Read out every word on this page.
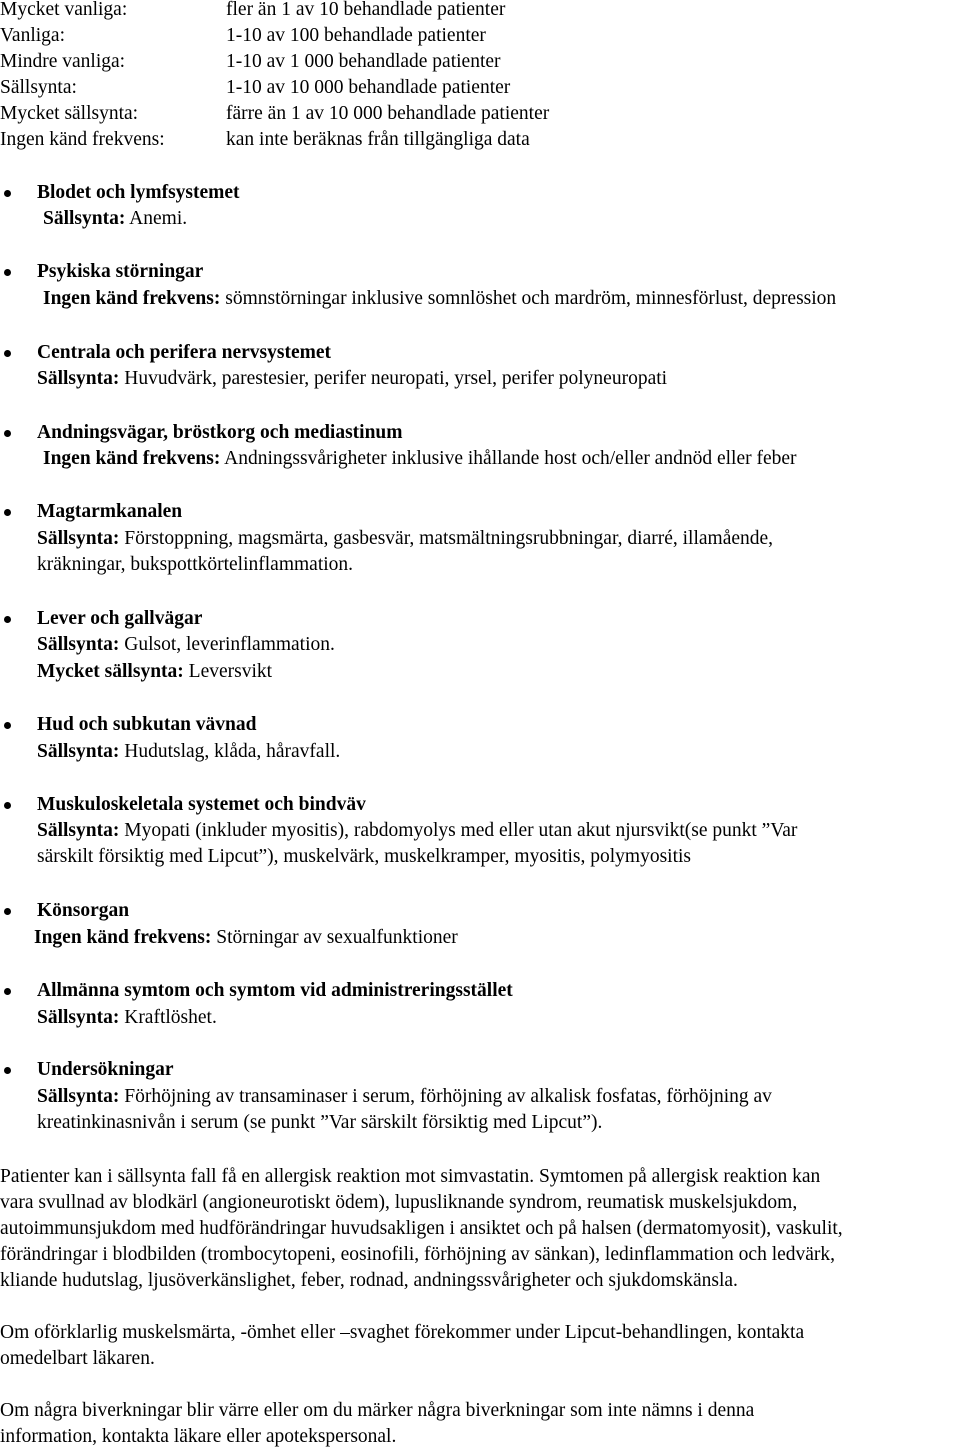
Mycket vanliga:	fler än 1 av 10 behandlade patienter
Vanliga:	1-10 av 100 behandlade patienter
Mindre vanliga:	1-10 av 1 000 behandlade patienter
Sällsynta:	1-10 av 10 000 behandlade patienter
Mycket sällsynta:	färre än 1 av 10 000 behandlade patienter
Ingen känd frekvens:	kan inte beräknas från tillgängliga data
Blodet och lymfsystemet
Sällsynta: Anemi.
Psykiska störningar
Ingen känd frekvens: sömnstörningar inklusive somnlöshet och mardröm, minnesförlust, depression
Centrala och perifera nervsystemet
Sällsynta: Huvudvärk, parestesier, perifer neuropati, yrsel, perifer polyneuropati
Andningsvägar, bröstkorg och mediastinum
Ingen känd frekvens: Andningssvårigheter inklusive ihållande host och/eller andnöd eller feber
Magtarmkanalen
Sällsynta: Förstoppning, magsmärta, gasbesvär, matsmältningsrubbningar, diarré, illamående,
kräkningar, bukspottkörtelinflammation.
Lever och gallvägar
Sällsynta: Gulsot, leverinflammation.
Mycket sällsynta: Leversvikt
Hud och subkutan vävnad
Sällsynta: Hudutslag, klåda, håravfall.
Muskuloskeletala systemet och bindväv
Sällsynta: Myopati (inkluder myositis), rabdomyolys med eller utan akut njursvikt(se punkt ”Var
särskilt försiktig med Lipcut”), muskelvärk, muskelkramper, myositis, polymyositis
Könsorgan
Ingen känd frekvens: Störningar av sexualfunktioner
Allmänna symtom och symtom vid administreringsstället
Sällsynta: Kraftlöshet.
Undersökningar
Sällsynta: Förhöjning av transaminaser i serum, förhöjning av alkalisk fosfatas, förhöjning av
kreatinkinasnivån i serum (se punkt ”Var särskilt försiktig med Lipcut”).
Patienter kan i sällsynta fall få en allergisk reaktion mot simvastatin. Symtomen på allergisk reaktion kan
vara svullnad av blodkärl (angioneurotiskt ödem), lupusliknande syndrom, reumatisk muskelsjukdom,
autoimmunsjukdom med hudförändringar huvudsakligen i ansiktet och på halsen (dermatomyosit), vaskulit,
förändringar i blodbilden (trombocytopeni, eosinofili, förhöjning av sänkan), ledinflammation och ledvärk,
kliande hudutslag, ljusöverkänslighet, feber, rodnad, andningssvårigheter och sjukdomskänsla.
Om oförklarlig muskelsmärta, -ömhet eller –svaghet förekommer under Lipcut-behandlingen, kontakta
omedelbart läkaren.
Om några biverkningar blir värre eller om du märker några biverkningar som inte nämns i denna
information, kontakta läkare eller apotekspersonal.
